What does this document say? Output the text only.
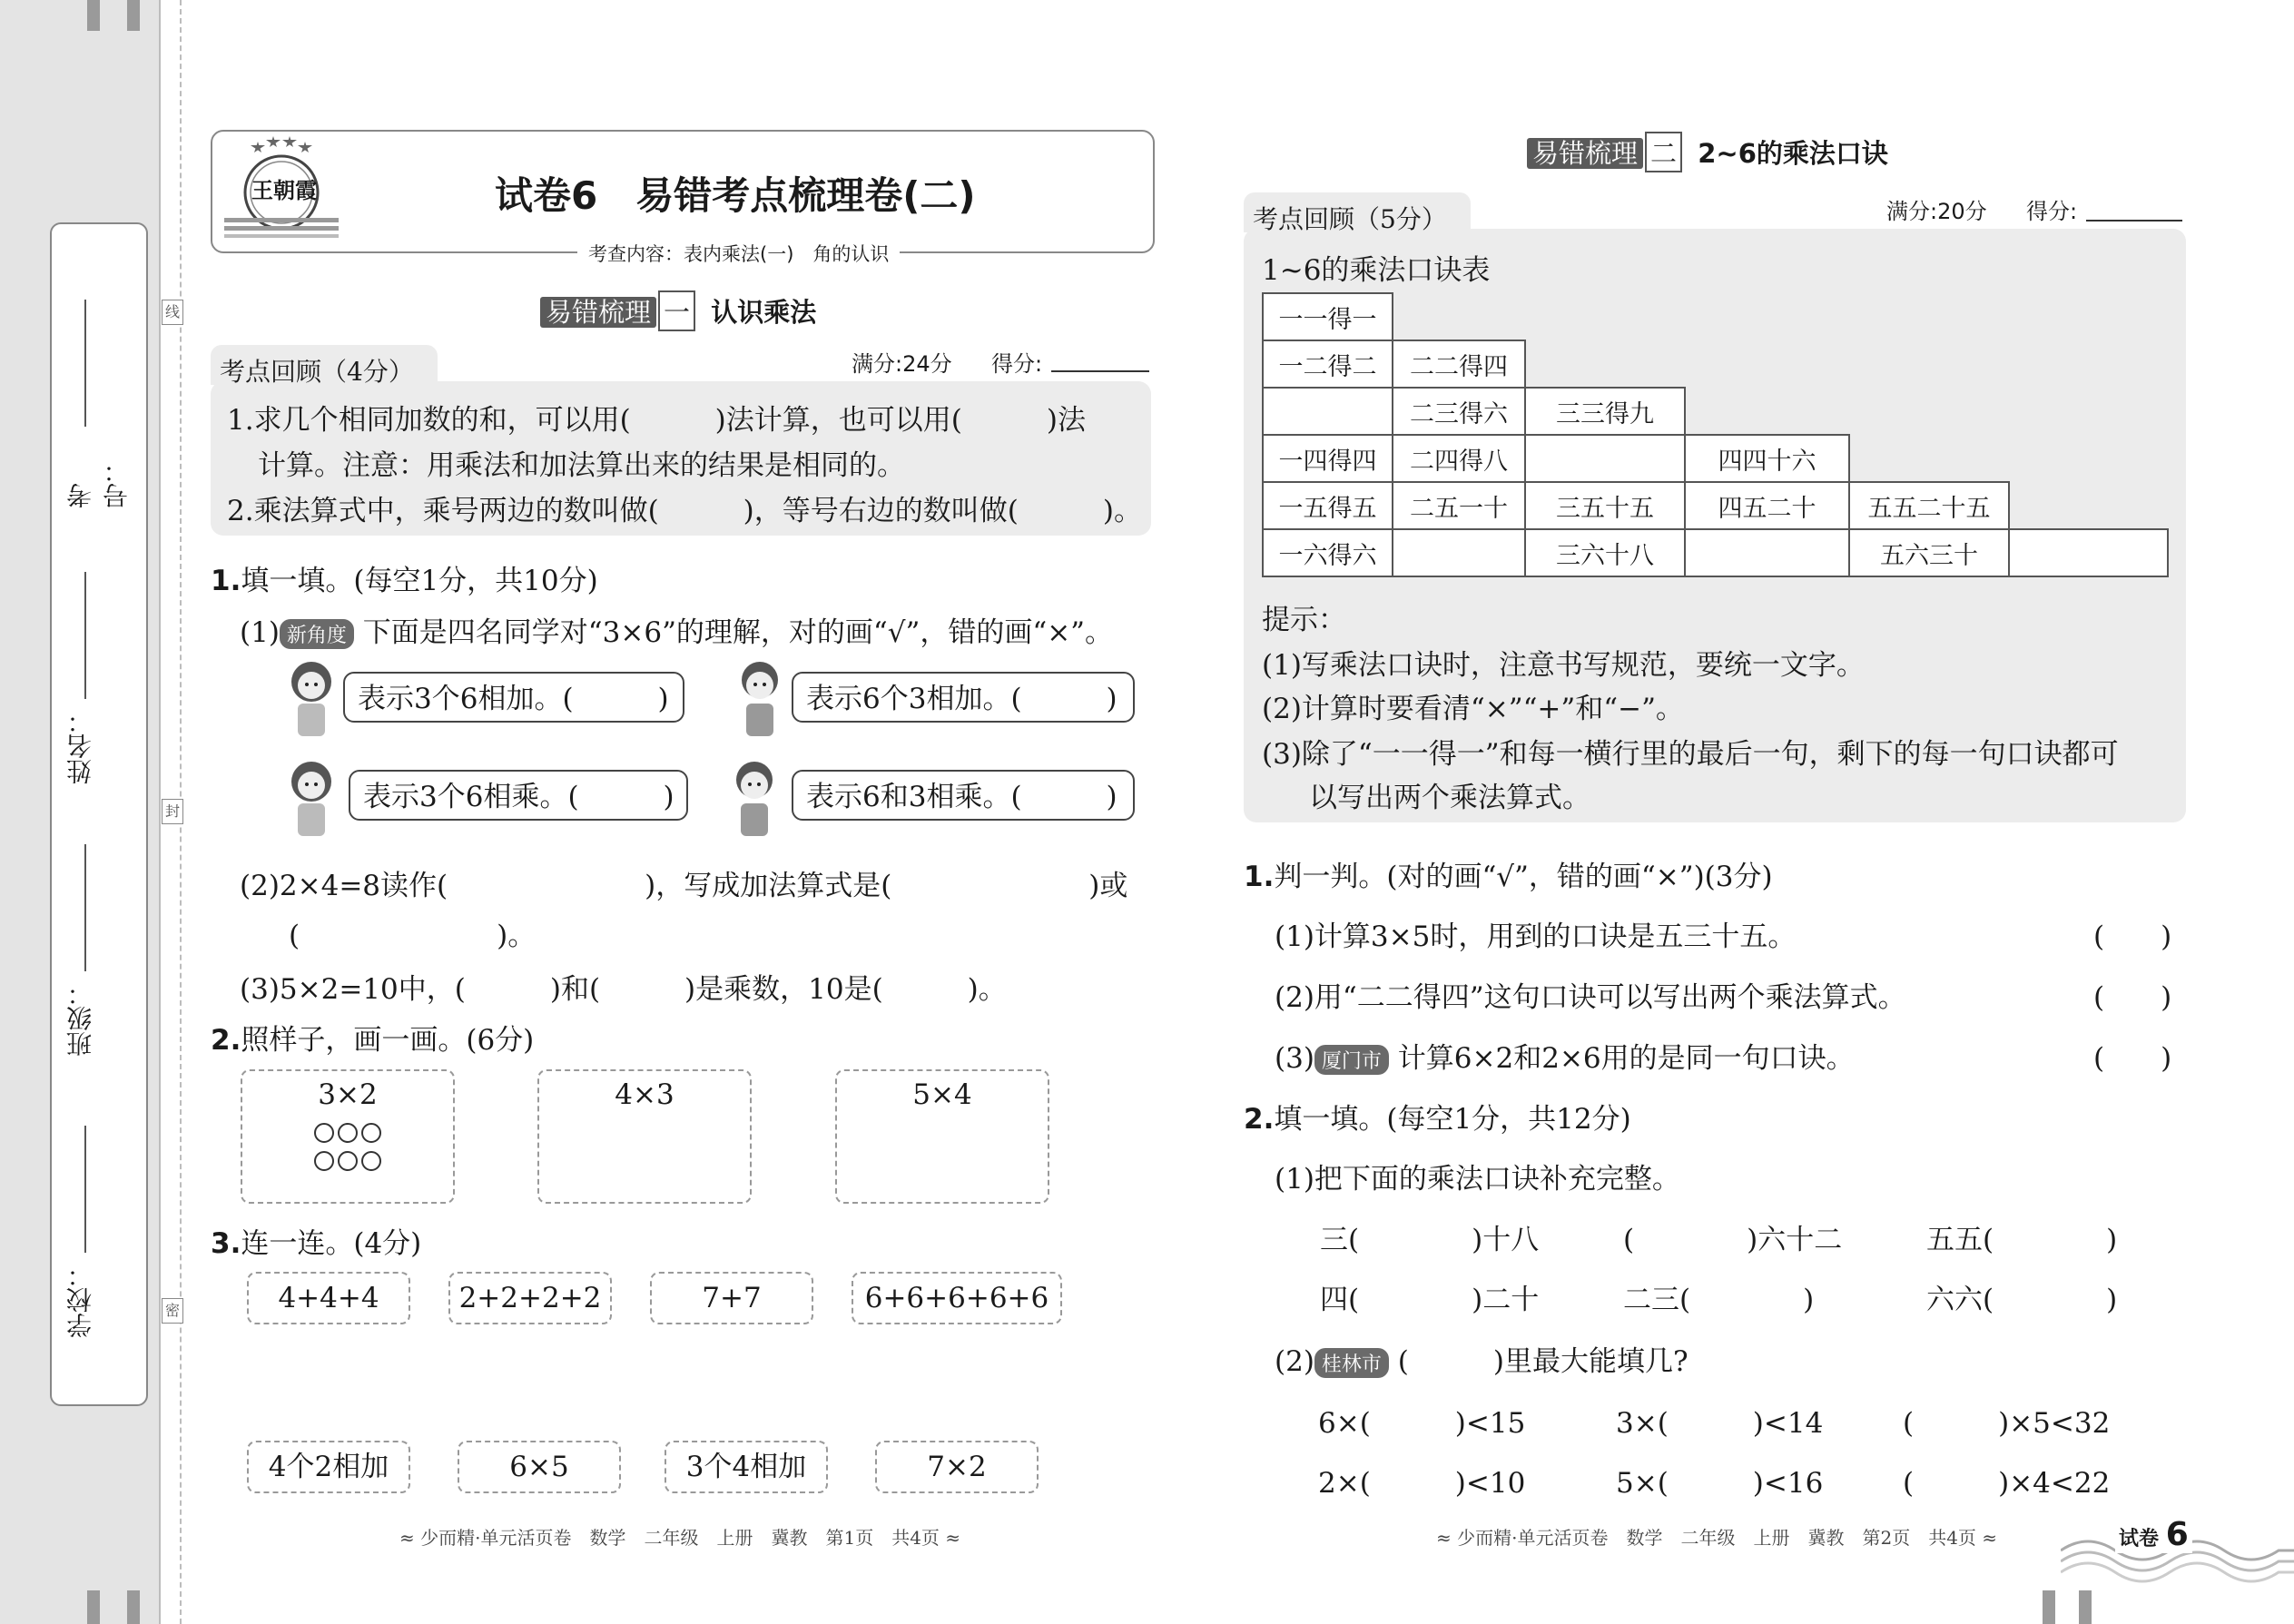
考号：
姓名：
班级：
学校：
线
封
密
王朝霞	试卷6　易错考点梳理卷(二)
考查内容：表内乘法(一)　角的认识
易错梳理 一 认识乘法
考点回顾（4分）	满分:24分 得分:
1.求几个相同加数的和，可以用(　　　)法计算，也可以用(　　　)法
计算。注意：用乘法和加法算出来的结果是相同的。
2.乘法算式中，乘号两边的数叫做(　　　)，等号右边的数叫做(　　　)。
1.填一填。(每空1分，共10分)
(1) 新角度 下面是四名同学对“3×6”的理解，对的画“√”，错的画“×”。
表示3个6相加。(　　　)	表示6个3相加。(　　　)
表示3个6相乘。(　　　)	表示6和3相乘。(　　　)
(2)2×4=8读作(　　　　　　　)，写成加法算式是(　　　　　　　)或
(　　　　　　　)。
(3)5×2=10中，(　　　)和(　　　)是乘数，10是(　　　)。
2.照样子，画一画。(6分)
3×2	4×3	5×4
3.连一连。(4分)
4+4+4	2+2+2+2	7+7	6+6+6+6+6
4个2相加	6×5	3个4相加	7×2
≈ 少而精·单元活页卷　数学　二年级　上册　冀教　第1页　共4页 ≈
易错梳理 二 2~6的乘法口诀
考点回顾（5分）	满分:20分 得分:
1~6的乘法口诀表
一一得一					
一二得二	二二得四				
	二三得六	三三得九			
一四得四	二四得八		四四十六		
一五得五	二五一十	三五十五	四五二十	五五二十五	
一六得六		三六十八		五六三十	
提示：
(1)写乘法口诀时，注意书写规范，要统一文字。
(2)计算时要看清“×”“+”和“−”。
(3)除了“一一得一”和每一横行里的最后一句，剩下的每一句口诀都可
以写出两个乘法算式。
1.判一判。(对的画“√”，错的画“×”)(3分)
(1)计算3×5时，用到的口诀是五三十五。	(　　)
(2)用“二二得四”这句口诀可以写出两个乘法算式。	(　　)
(3) 厦门市 计算6×2和2×6用的是同一句口诀。	(　　)
2.填一填。(每空1分，共12分)
(1)把下面的乘法口诀补充完整。
三(　　　　)十八	(　　　　)六十二	五五(　　　　)
四(　　　　)二十	二三(　　　　)	六六(　　　　)
(2) 桂林市 (　　　)里最大能填几?
6×(　　　)<15	3×(　　　)<14	(　　　)×5<32
2×(　　　)<10	5×(　　　)<16	(　　　)×4<22
≈ 少而精·单元活页卷　数学　二年级　上册　冀教　第2页　共4页 ≈	试卷 6
